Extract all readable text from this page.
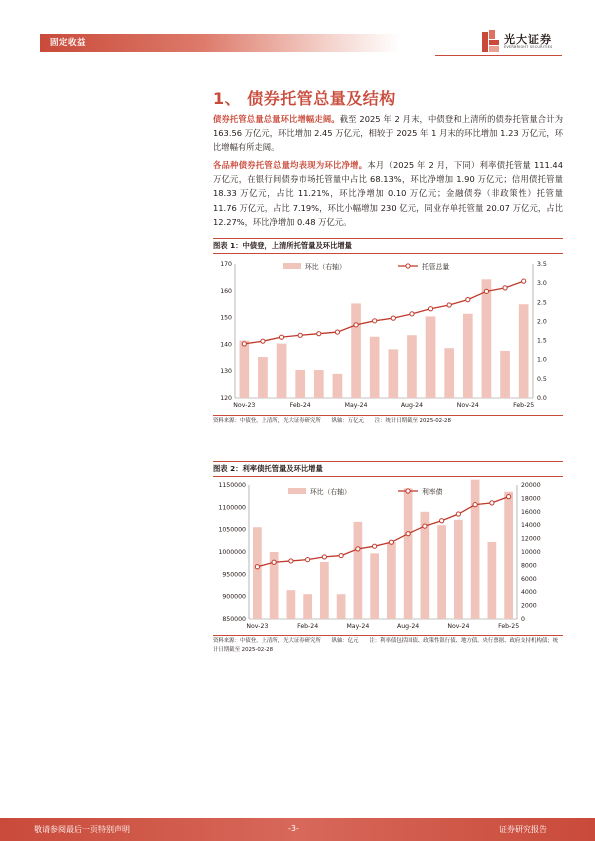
固定收益	光大证券
EVERBRIGHT SECURITIES
1、 债券托管总量及结构
债券托管总量总量环比增幅走阔。截至 2025 年 2 月末，中债登和上清所的债券托管量合计为 163.56 万亿元，环比增加 2.45 万亿元，相较于 2025 年 1 月末的环比增加 1.23 万亿元，环比增幅有所走阔。
各品种债券托管总量均表现为环比净增。本月（2025 年 2 月，下同）利率债托管量 111.44 万亿元，在银行间债券市场托管量中占比 68.13%，环比净增加 1.90 万亿元；信用债托管量 18.33 万亿元，占比 11.21%，环比净增加 0.10 万亿元；金融债券（非政策性）托管量 11.76 万亿元，占比 7.19%，环比小幅增加 230 亿元，同业存单托管量 20.07 万亿元，占比 12.27%，环比净增加 0.48 万亿元。
图表 1：中债登，上清所托管量及环比增量
120
130
140
150
160
170
0.0
0.5
1.0
1.5
2.0
2.5
3.0
3.5
Nov-23	Feb-24	May-24	Aug-24	Nov-24	Feb-25
环比（右轴）	托管总量
资料来源：中债登，上清所，光大证券研究所　　纵轴：万亿元　　注：统计日期截至 2025-02-28
图表 2：利率债托管量及环比增量
850000
900000
950000
1000000
1050000
1100000
1150000
0
2000
4000
6000
8000
10000
12000
14000
16000
18000
20000
Nov-23	Feb-24	May-24	Aug-24	Nov-24	Feb-25
环比（右轴）	利率债
资料来源：中债登，上清所，光大证券研究所　　纵轴：亿元　　注：利率债包括国债、政策性银行债、地方债、央行票据、政府支持机构债；统计日期截至 2025-02-28
敬请参阅最后一页特别声明	-3-	证券研究报告
